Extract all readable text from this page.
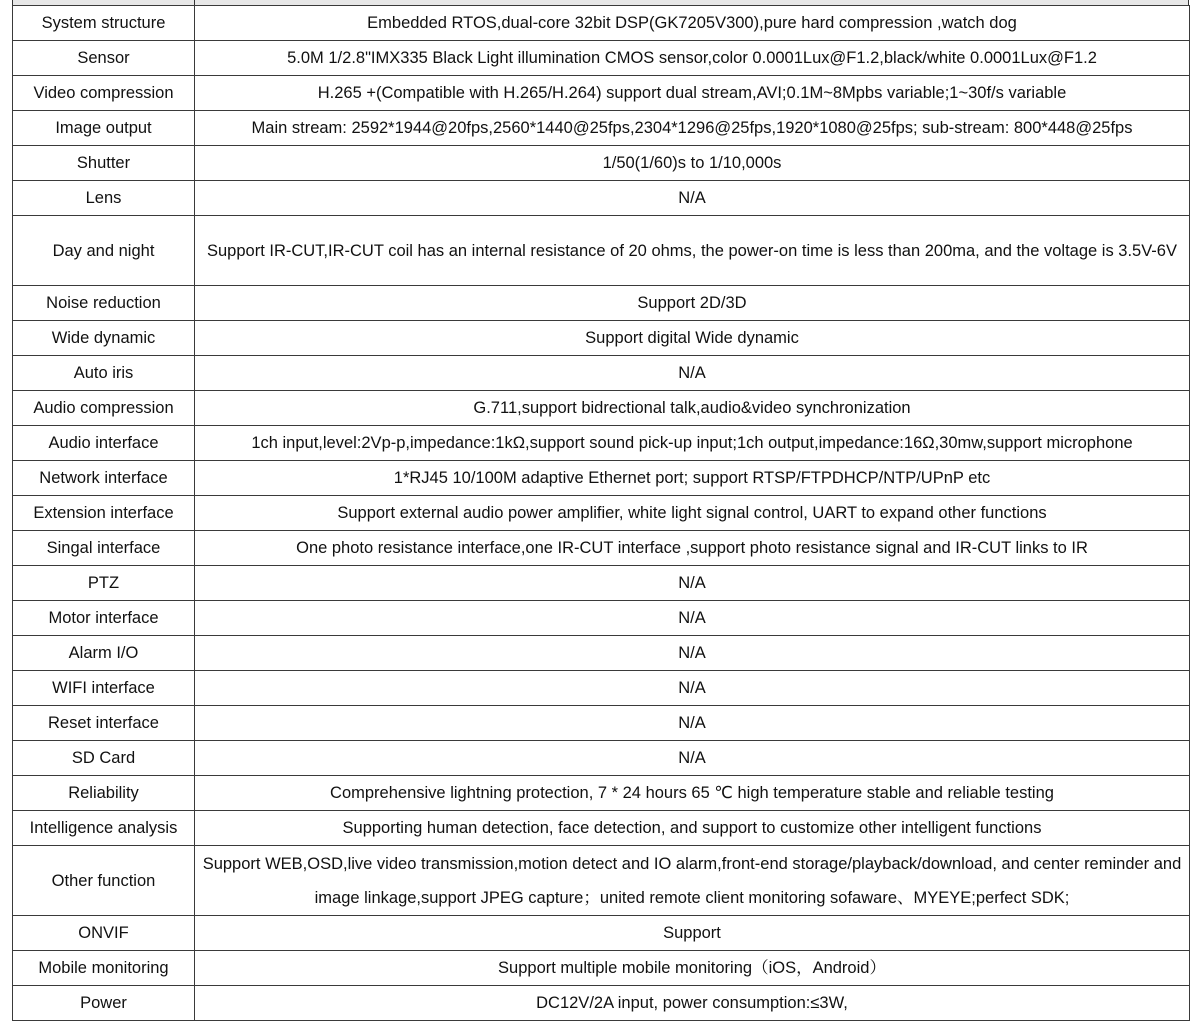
System structure	Embedded RTOS,dual-core 32bit DSP(GK7205V300),pure hard compression ,watch dog
Sensor	5.0M 1/2.8"IMX335 Black Light illumination CMOS sensor,color 0.0001Lux@F1.2,black/white 0.0001Lux@F1.2
Video compression	H.265 +(Compatible with H.265/H.264) support dual stream,AVI;0.1M~8Mpbs variable;1~30f/s variable
Image output	Main stream: 2592*1944@20fps,2560*1440@25fps,2304*1296@25fps,1920*1080@25fps; sub-stream: 800*448@25fps
Shutter	1/50(1/60)s to 1/10,000s
Lens	N/A
Day and night	Support IR-CUT,IR-CUT coil has an internal resistance of 20 ohms, the power-on time is less than 200ma, and the voltage is 3.5V-6V
Noise reduction	Support 2D/3D
Wide dynamic	Support digital Wide dynamic
Auto iris	N/A
Audio compression	G.711,support bidrectional talk,audio&video synchronization
Audio interface	1ch input,level:2Vp-p,impedance:1kΩ,support sound pick-up input;1ch output,impedance:16Ω,30mw,support microphone
Network interface	1*RJ45 10/100M adaptive Ethernet port; support RTSP/FTPDHCP/NTP/UPnP etc
Extension interface	Support external audio power amplifier, white light signal control, UART to expand other functions
Singal interface	One photo resistance interface,one IR-CUT interface ,support photo resistance signal and IR-CUT links to IR
PTZ	N/A
Motor interface	N/A
Alarm I/O	N/A
WIFI interface	N/A
Reset interface	N/A
SD Card	N/A
Reliability	Comprehensive lightning protection, 7 * 24 hours 65 ℃ high temperature stable and reliable testing
Intelligence analysis	Supporting human detection, face detection, and support to customize other intelligent functions
Other function	Support WEB,OSD,live video transmission,motion detect and IO alarm,front-end storage/playback/download, and center reminder and image linkage,support JPEG capture；united remote client monitoring sofaware、MYEYE;perfect SDK;
ONVIF	Support
Mobile monitoring	Support multiple mobile monitoring（iOS，Android）
Power	DC12V/2A input, power consumption:≤3W,
